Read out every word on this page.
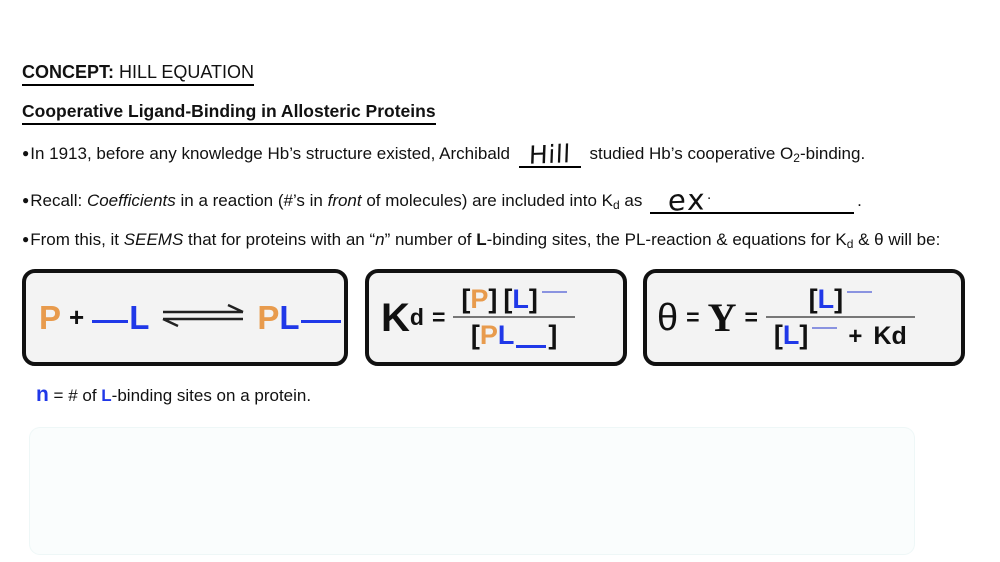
CONCEPT: HILL EQUATION
Cooperative Ligand-Binding in Allosteric Proteins
●In 1913, before any knowledge Hb’s structure existed, Archibald Hill studied Hb’s cooperative $O_2$-binding.
●Recall: Coefficients in a reaction (#’s in front of molecules) are included into $K_d$ as ex·	.
●From this, it SEEMS that for proteins with an “n” number of L-binding sites, the PL-reaction & equations for $K_d$ & θ will be:
P + L	P L K $d = \frac{[P] [L]}{[PL ]}$ $\theta = Y = \frac{[L]}{[L] + Kd}$
n = # of L-binding sites on a protein.
